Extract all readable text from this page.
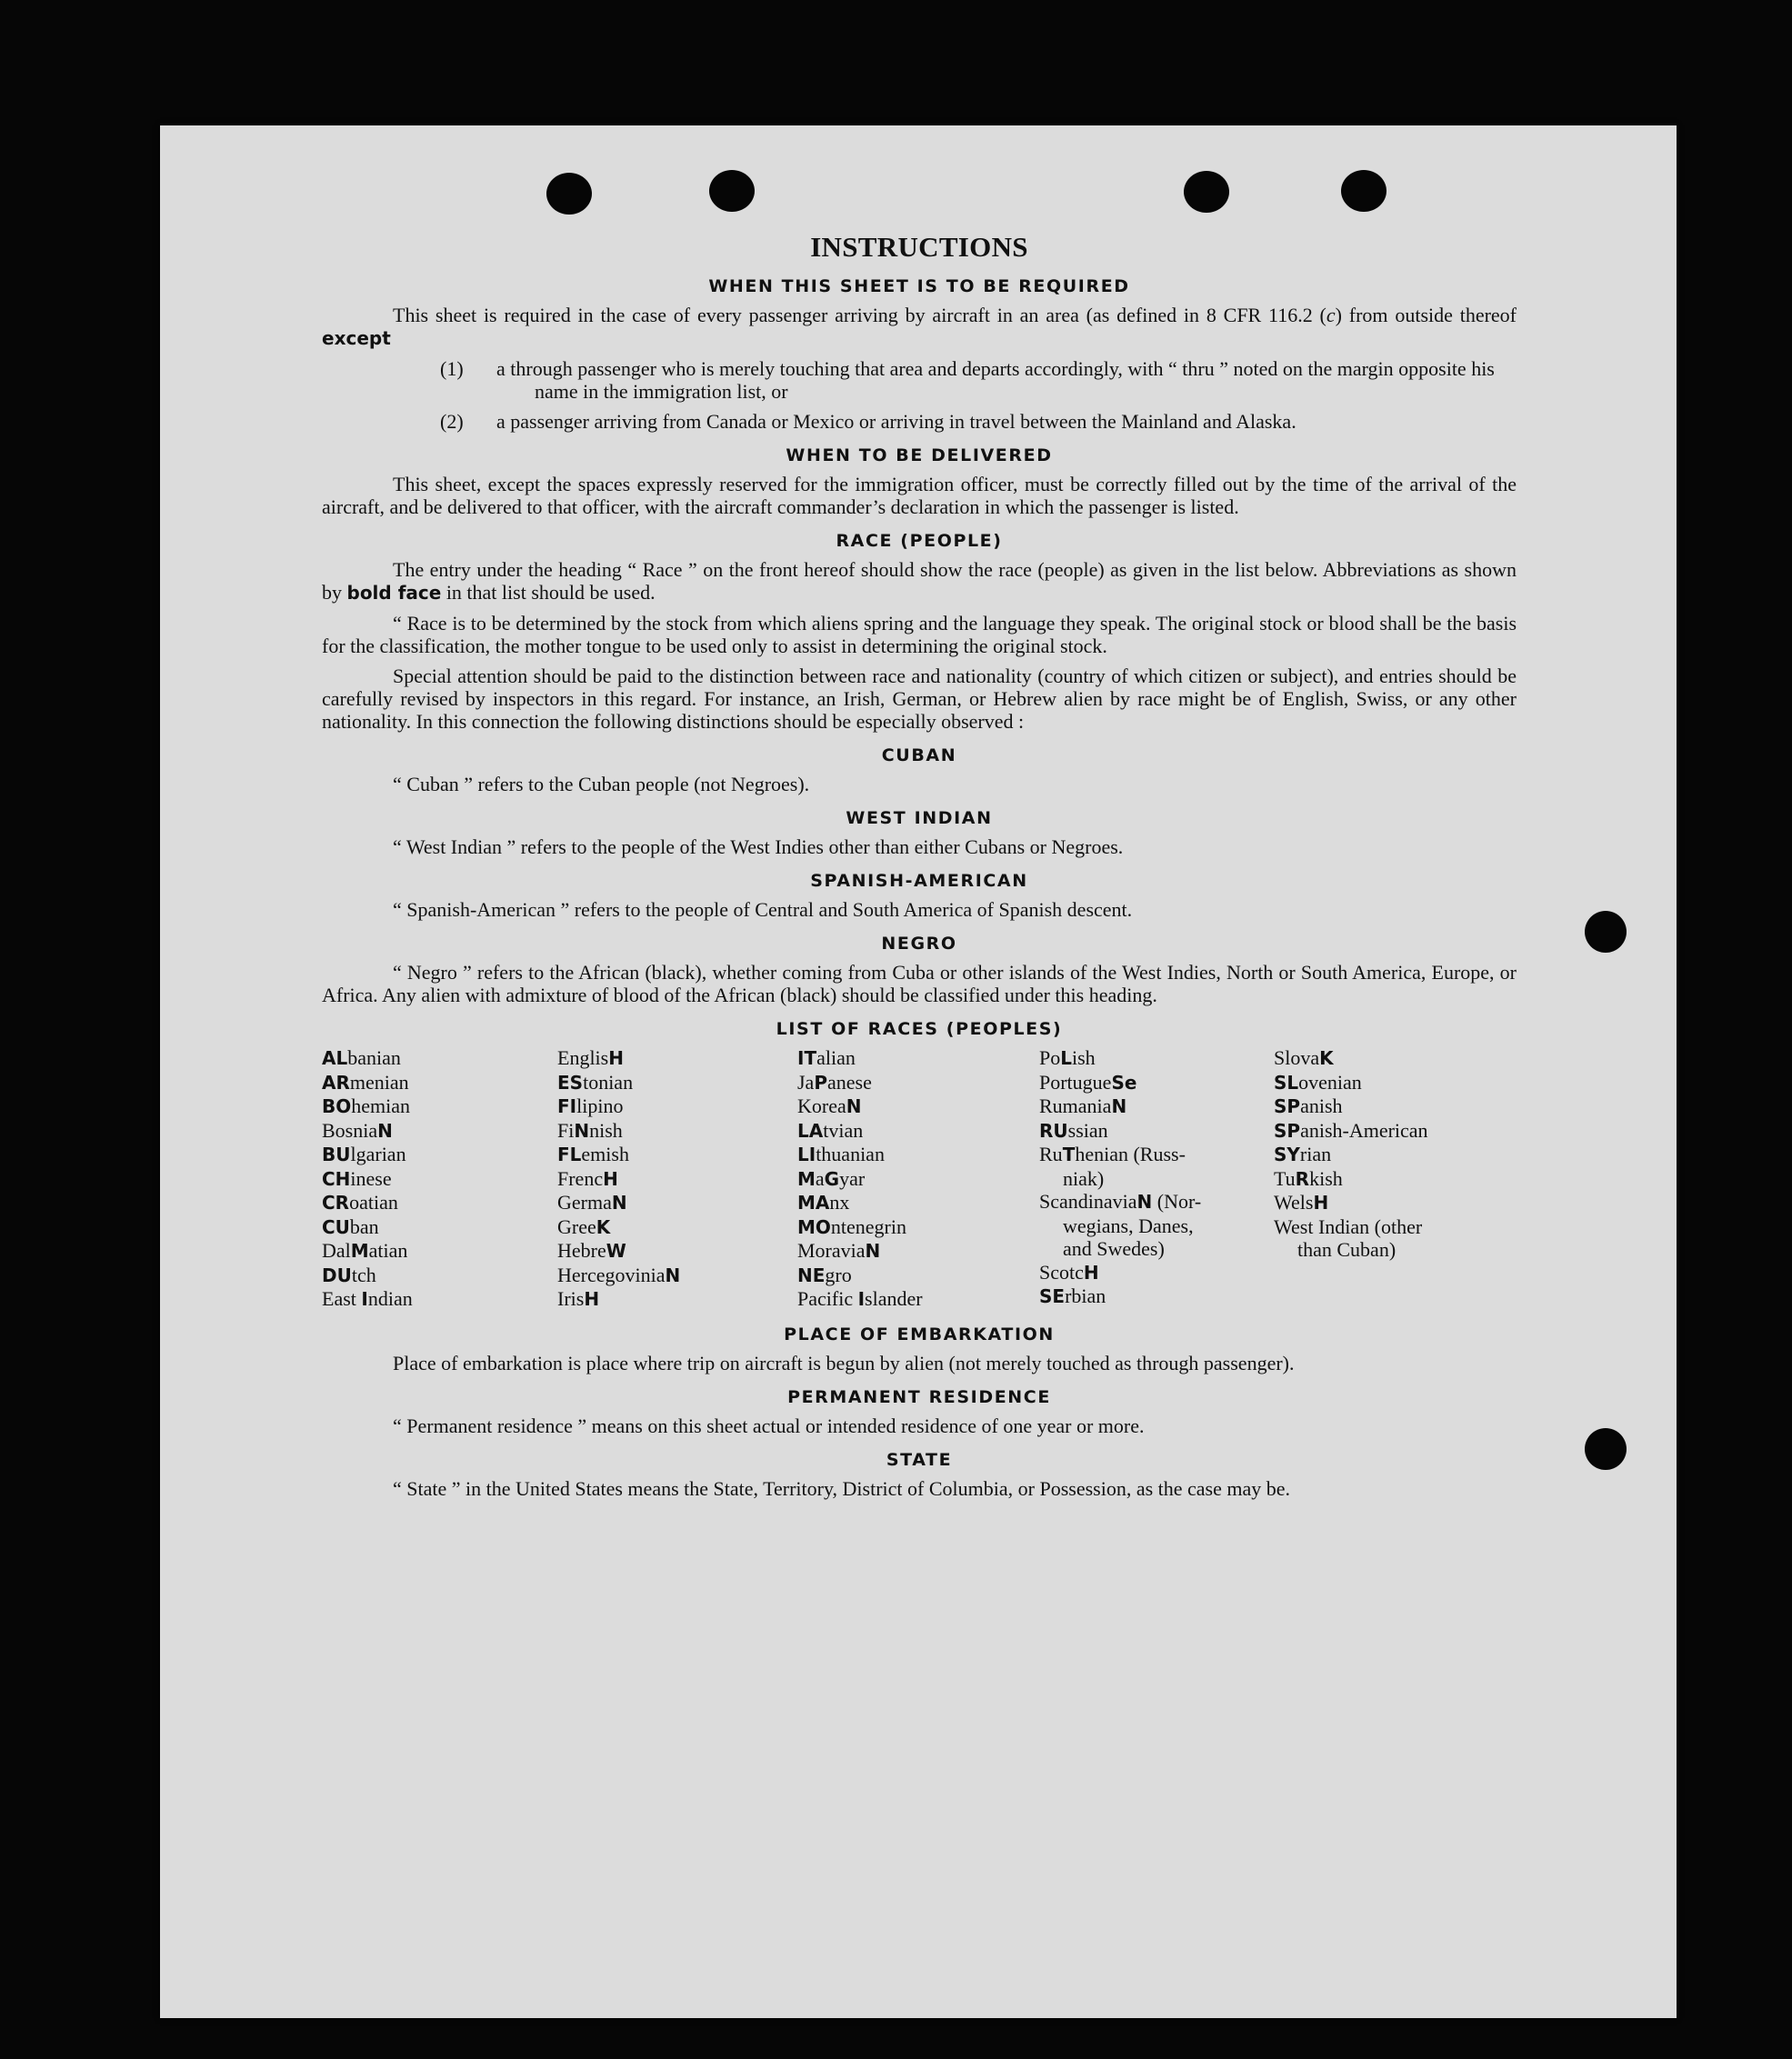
INSTRUCTIONS
WHEN THIS SHEET IS TO BE REQUIRED

This sheet is required in the case of every passenger arriving by aircraft in an area (as defined in 8 CFR 116.2 (c) from outside thereof except

(1)	a through passenger who is merely touching that area and departs accordingly, with “ thru ” noted on the margin opposite his name in the immigration list, or
(2)	a passenger arriving from Canada or Mexico or arriving in travel between the Mainland and Alaska.
WHEN TO BE DELIVERED

This sheet, except the spaces expressly reserved for the immigration officer, must be correctly filled out by the time of the arrival of the aircraft, and be delivered to that officer, with the aircraft commander’s declaration in which the passenger is listed.

RACE (PEOPLE)

The entry under the heading “ Race ” on the front hereof should show the race (people) as given in the list below. Abbreviations as shown by bold face in that list should be used.

“ Race is to be determined by the stock from which aliens spring and the language they speak. The original stock or blood shall be the basis for the classification, the mother tongue to be used only to assist in determining the original stock.

Special attention should be paid to the distinction between race and nationality (country of which citizen or subject), and entries should be carefully revised by inspectors in this regard. For instance, an Irish, German, or Hebrew alien by race might be of English, Swiss, or any other nationality. In this connection the following distinctions should be especially observed :

CUBAN

“ Cuban ” refers to the Cuban people (not Negroes).

WEST INDIAN

“ West Indian ” refers to the people of the West Indies other than either Cubans or Negroes.

SPANISH-AMERICAN

“ Spanish-American ” refers to the people of Central and South America of Spanish descent.

NEGRO

“ Negro ” refers to the African (black), whether coming from Cuba or other islands of the West Indies, North or South America, Europe, or Africa. Any alien with admixture of blood of the African (black) should be classified under this heading.

LIST OF RACES (PEOPLES)
ALbanian
ARmenian
BOhemian
BosniaN
BUlgarian
CHinese
CRoatian
CUban
DalMatian
DUtch
East Indian
EnglisH
EStonian
FIlipino
FiNnish
FLemish
FrencH
GermaN
GreeK
HebreW
HercegoviniaN
IrisH
ITalian
JaPanese
KoreaN
LAtvian
LIthuanian
MaGyar
MAnx
MOntenegrin
MoraviaN
NEgro
Pacific Islander
PoLish
PortugueSe
RumaniaN
RUssian
RuThenian (Russ-
niak)
ScandinaviaN (Nor-
wegians, Danes,
and Swedes)
ScotcH
SErbian
SlovaK
SLovenian
SPanish
SPanish-American
SYrian
TuRkish
WelsH
West Indian (other
than Cuban)
PLACE OF EMBARKATION

Place of embarkation is place where trip on aircraft is begun by alien (not merely touched as through passenger).

PERMANENT RESIDENCE

“ Permanent residence ” means on this sheet actual or intended residence of one year or more.

STATE

“ State ” in the United States means the State, Territory, District of Columbia, or Possession, as the case may be.
